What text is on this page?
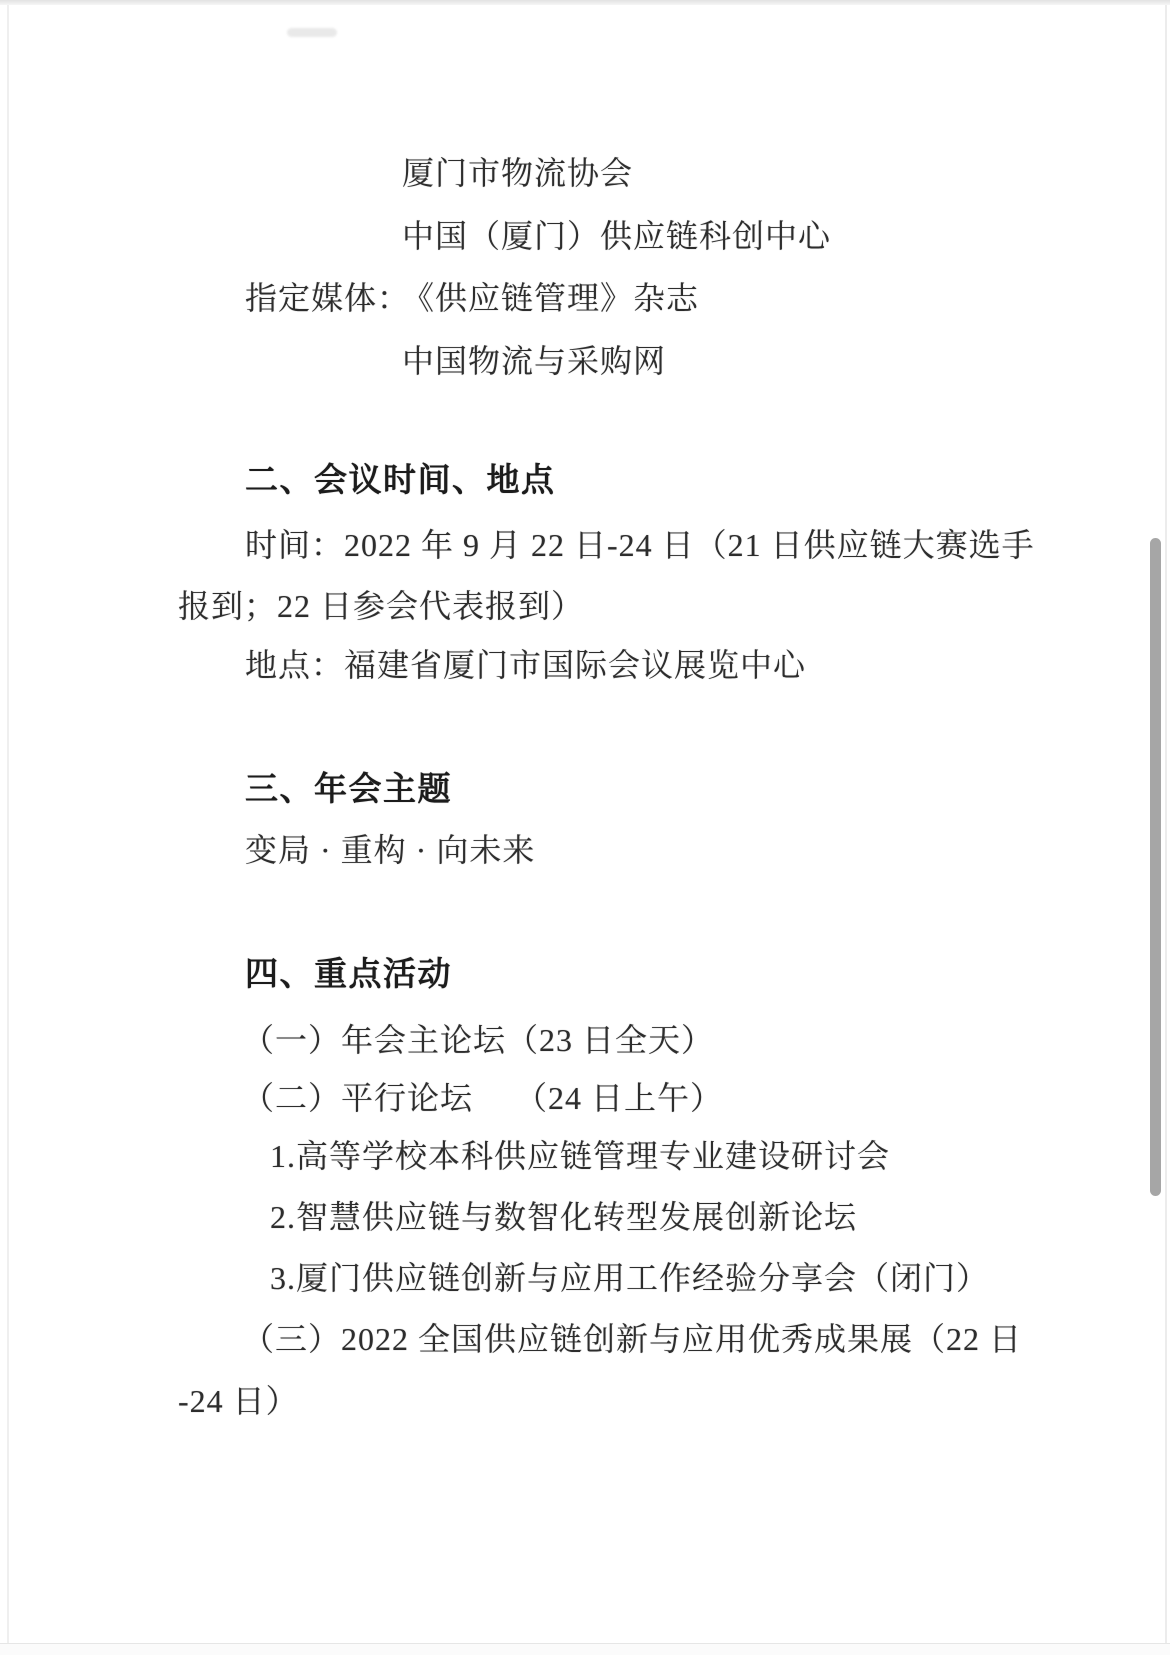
厦门市物流协会
中国（厦门）供应链科创中心
指定媒体：
《供应链管理》杂志
中国物流与采购网
二、会议时间、地点
时间：2022 年 9 月 22 日-24 日（21 日供应链大赛选手
报到；22 日参会代表报到）
地点：福建省厦门市国际会议展览中心
三、年会主题
变局 · 重构 · 向未来
四、重点活动
（一）年会主论坛（23 日全天）
（二）平行论坛　 （24 日上午）
1.高等学校本科供应链管理专业建设研讨会
2.智慧供应链与数智化转型发展创新论坛
3.厦门供应链创新与应用工作经验分享会（闭门）
（三）2022 全国供应链创新与应用优秀成果展（22 日
-24 日）
